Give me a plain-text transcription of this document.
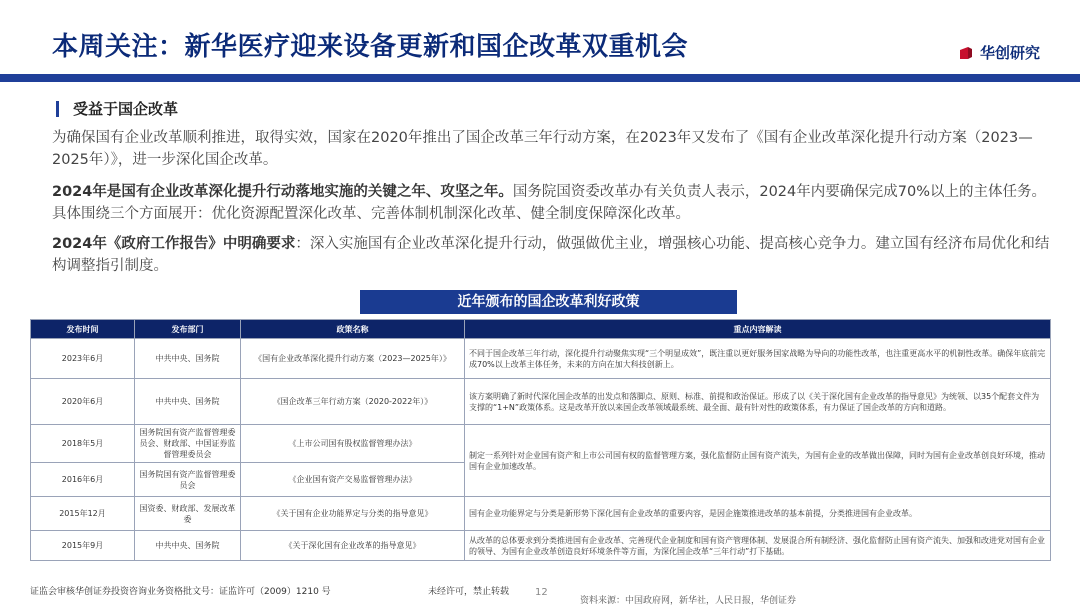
本周关注：新华医疗迎来设备更新和国企改革双重机会	华创研究
受益于国企改革
为确保国有企业改革顺利推进，取得实效，国家在2020年推出了国企改革三年行动方案，在2023年又发布了《国有企业改革深化提升行动方案（2023—2025年）》，进一步深化国企改革。
2024年是国有企业改革深化提升行动落地实施的关键之年、攻坚之年。国务院国资委改革办有关负责人表示，2024年内要确保完成70%以上的主体任务。具体围绕三个方面展开：优化资源配置深化改革、完善体制机制深化改革、健全制度保障深化改革。
2024年《政府工作报告》中明确要求：深入实施国有企业改革深化提升行动，做强做优主业，增强核心功能、提高核心竞争力。建立国有经济布局优化和结构调整指引制度。
近年颁布的国企改革利好政策
发布时间	发布部门	政策名称	重点内容解读
2023年6月	中共中央、国务院	《国有企业改革深化提升行动方案（2023—2025年）》	不同于国企改革三年行动，深化提升行动聚焦实现“三个明显成效”，既注重以更好服务国家战略为导向的功能性改革，也注重更高水平的机制性改革。确保年底前完成70%以上改革主体任务，未来的方向在加大科技创新上。
2020年6月	中共中央、国务院	《国企改革三年行动方案（2020-2022年）》	该方案明确了新时代深化国企改革的出发点和落脚点、原则、标准、前提和政治保证。形成了以《关于深化国有企业改革的指导意见》为统领、以35个配套文件为支撑的“1+N”政策体系。这是改革开放以来国企改革领域最系统、最全面、最有针对性的政策体系，有力保证了国企改革的方向和道路。
2018年5月	国务院国有资产监督管理委员会、财政部、中国证券监督管理委员会	《上市公司国有股权监督管理办法》	制定一系列针对企业国有资产和上市公司国有权的监督管理方案，强化监督防止国有资产流失，为国有企业的改革做出保障，同时为国有企业改革创良好环境，推动国有企业加速改革。
2016年6月	国务院国有资产监督管理委员会	《企业国有资产交易监督管理办法》	
2015年12月	国资委、财政部、发展改革委	《关于国有企业功能界定与分类的指导意见》	国有企业功能界定与分类是新形势下深化国有企业改革的重要内容，是因企施策推进改革的基本前提，分类推进国有企业改革。
2015年9月	中共中央、国务院	《关于深化国有企业改革的指导意见》	从改革的总体要求到分类推进国有企业改革、完善现代企业制度和国有资产管理体制、发展混合所有制经济、强化监督防止国有资产流失、加强和改进党对国有企业的领导、为国有企业改革创造良好环境条件等方面，为深化国企改革“三年行动”打下基础。
证监会审核华创证券投资咨询业务资格批文号：证监许可（2009）1210 号	未经许可，禁止转载	12
资料来源：中国政府网，新华社，人民日报，华创证券
